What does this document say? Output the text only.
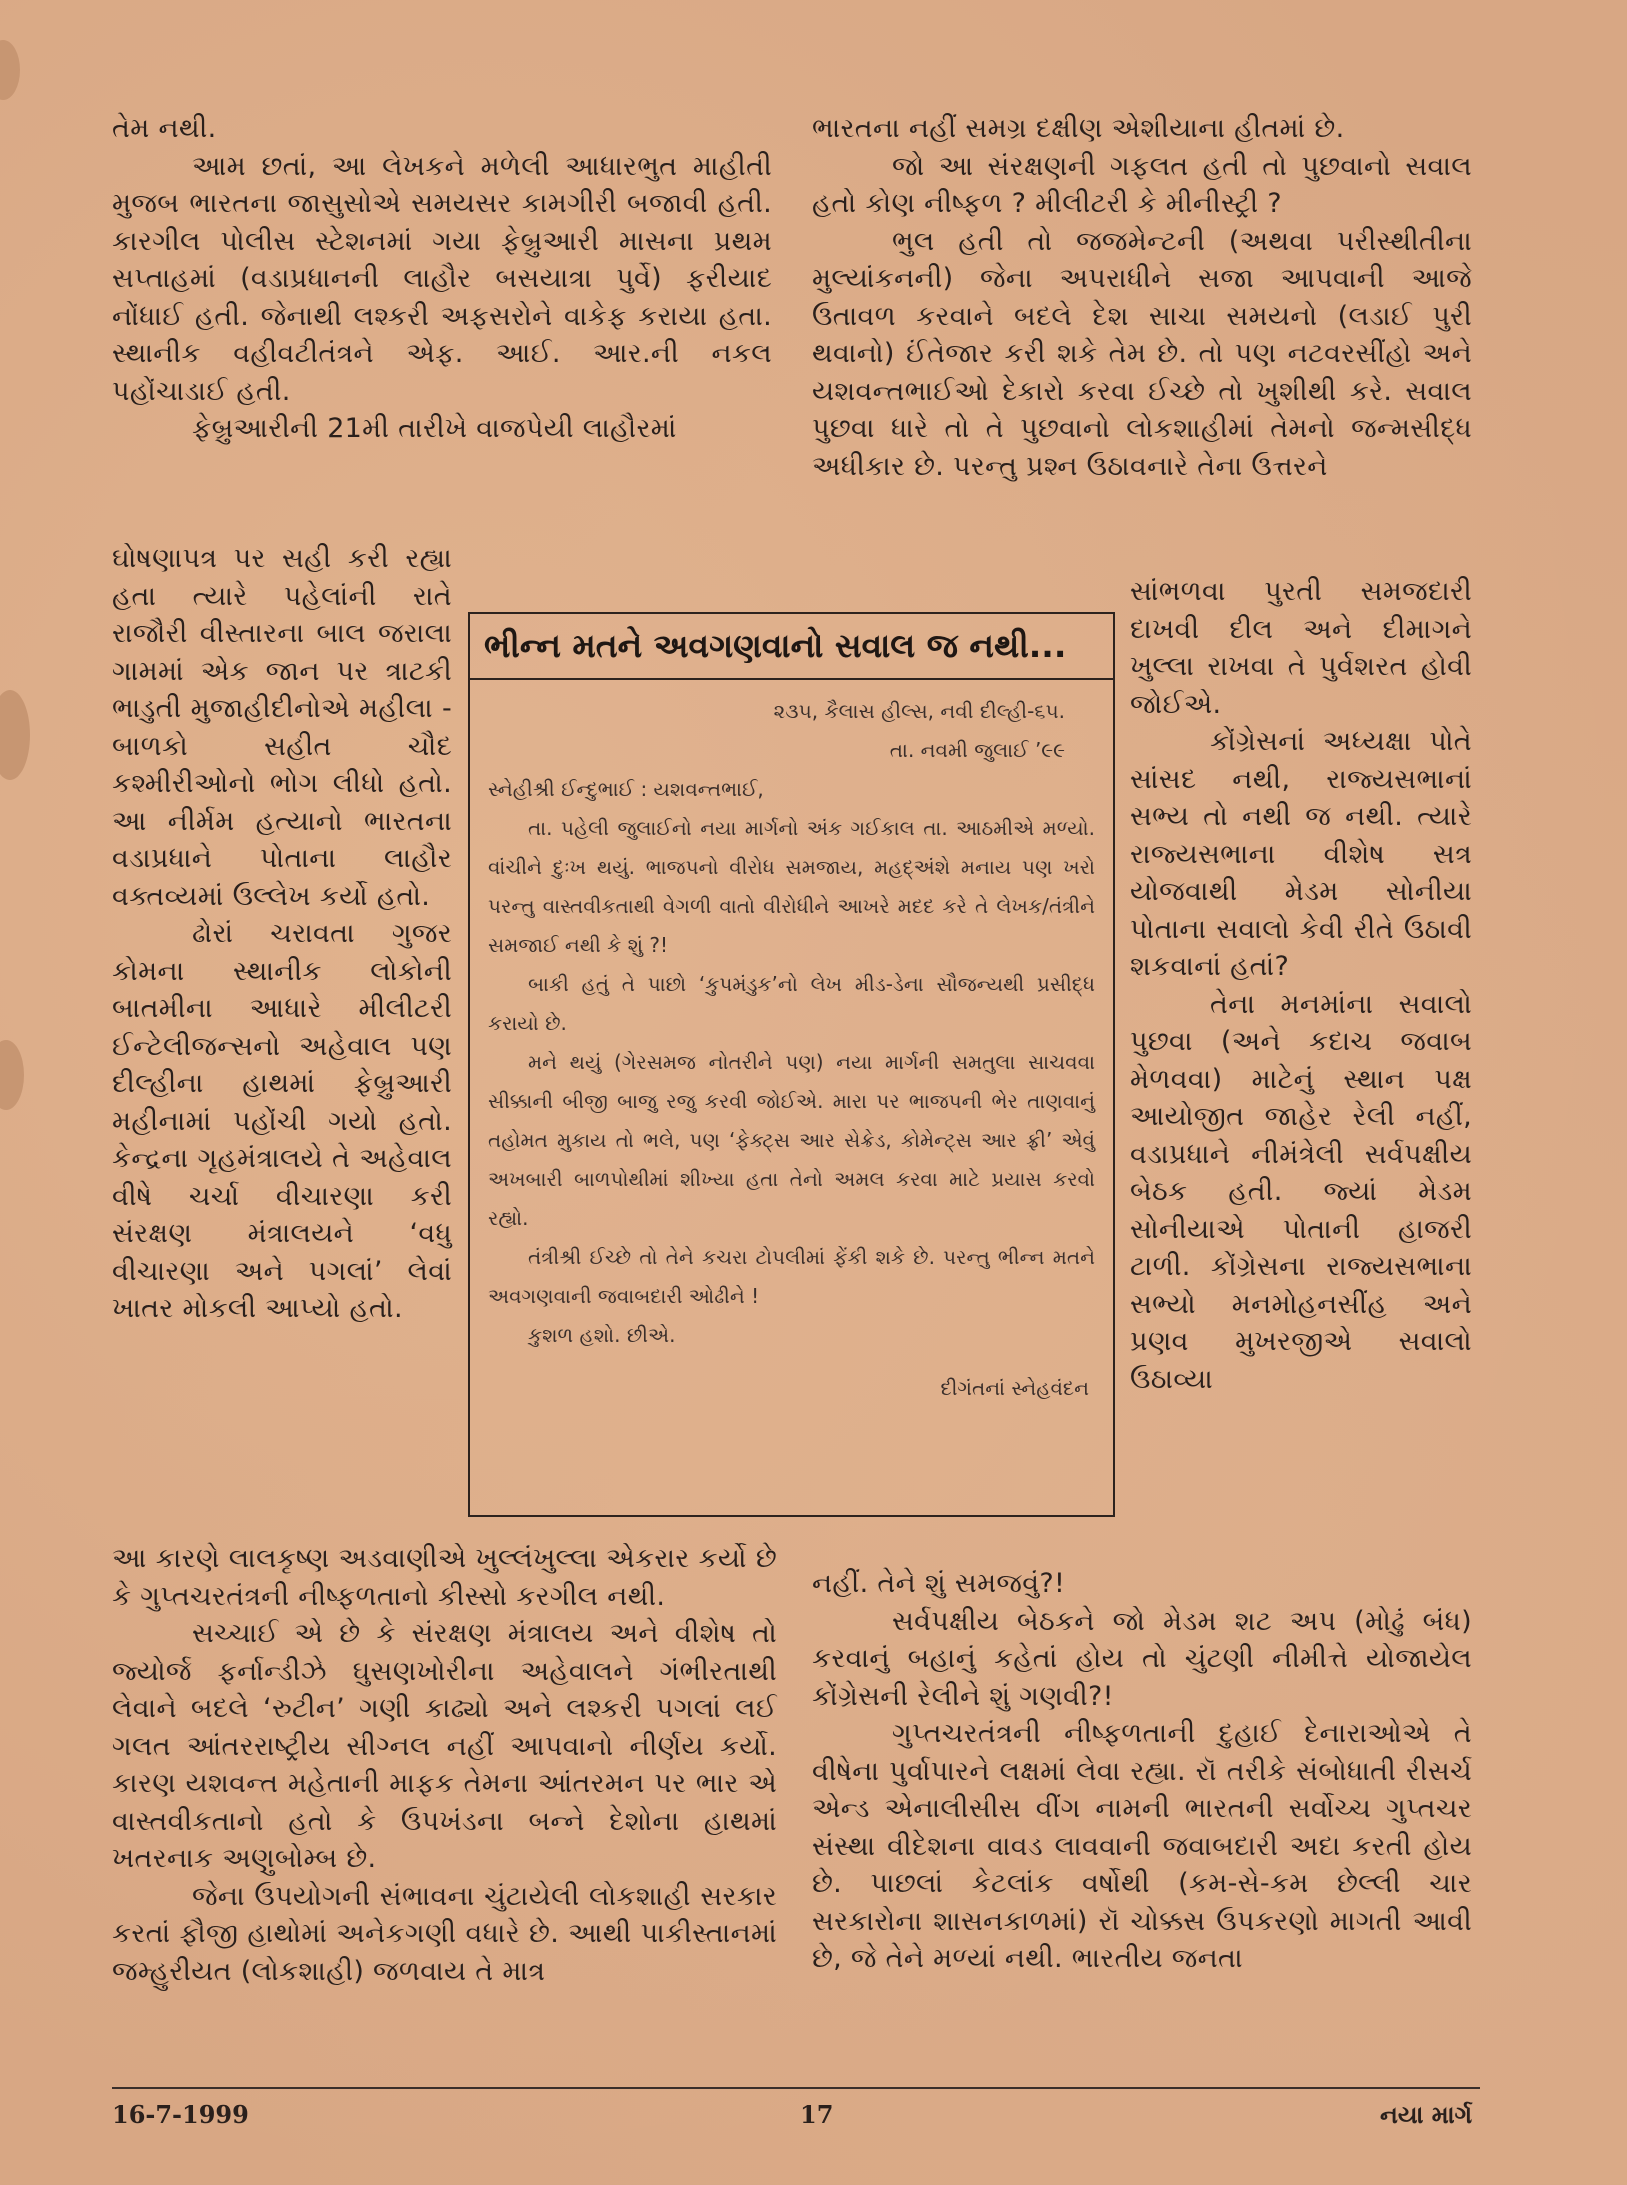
તેમ નથી.

આમ છતાં, આ લેખકને મળેલી આધારભુત માહીતી મુજબ ભારતના જાસુસોએ સમયસર કામગીરી બજાવી હતી. કારગીલ પોલીસ સ્ટેશનમાં ગયા ફેબ્રુઆરી માસના પ્રથમ સપ્તાહમાં (વડાપ્રધાનની લાહૌર બસયાત્રા પુર્વે) ફરીયાદ નોંધાઈ હતી. જેનાથી લશ્કરી અફસરોને વાકેફ કરાયા હતા. સ્થાનીક વહીવટીતંત્રને એફ. આઈ. આર.ની નકલ પહોંચાડાઈ હતી.

ફેબ્રુઆરીની 21મી તારીખે વાજપેયી લાહૌરમાં

ઘોષણાપત્ર પર સહી કરી રહ્યા હતા ત્યારે પહેલાંની રાતે રાજૌરી વીસ્તારના બાલ જરાલા ગામમાં એક જાન પર ત્રાટકી ભાડુતી મુજાહીદીનોએ મહીલા - બાળકો સહીત ચૌદ કશ્મીરીઓનો ભોગ લીધો હતો. આ નીર્મમ હત્યાનો ભારતના વડાપ્રધાને પોતાના લાહૌર વક્તવ્યમાં ઉલ્લેખ કર્યો હતો.

ઢોરાં ચરાવતા ગુજર કોમના સ્થાનીક લોકોની બાતમીના આધારે મીલીટરી ઈન્ટેલીજન્સનો અહેવાલ પણ દીલ્હીના હાથમાં ફેબ્રુઆરી મહીનામાં પહોંચી ગયો હતો. કેન્દ્રના ગૃહમંત્રાલયે તે અહેવાલ વીષે ચર્ચા વીચારણા કરી સંરક્ષણ મંત્રાલયને ‘વધુ વીચારણા અને પગલાં’ લેવાં ખાતર મોકલી આપ્યો હતો.

આ કારણે લાલકૃષ્ણ અડવાણીએ ખુલ્લંખુલ્લા એકરાર કર્યો છે કે ગુપ્તચરતંત્રની નીષ્ફળતાનો કીસ્સો કરગીલ નથી.

સચ્ચાઈ એ છે કે સંરક્ષણ મંત્રાલય અને વીશેષ તો જ્યોર્જ ફર્નાન્ડીઝે ઘુસણખોરીના અહેવાલને ગંભીરતાથી લેવાને બદલે ‘રુટીન’ ગણી કાઢ્યો અને લશ્કરી પગલાં લઈ ગલત આંતરરાષ્ટ્રીય સીગ્નલ નહીં આપવાનો નીર્ણય કર્યો. કારણ યશવન્ત મહેતાની માફક તેમના આંતરમન પર ભાર એ વાસ્તવીકતાનો હતો કે ઉપખંડના બન્ને દેશોના હાથમાં ખતરનાક અણુબોમ્બ છે.

જેના ઉપયોગની સંભાવના ચુંટાયેલી લોકશાહી સરકાર કરતાં ફૌજી હાથોમાં અનેકગણી વધારે છે. આથી પાકીસ્તાનમાં જમ્હુરીયત (લોકશાહી) જળવાય તે માત્ર

ભારતના નહીં સમગ્ર દક્ષીણ એશીયાના હીતમાં છે.

જો આ સંરક્ષણની ગફલત હતી તો પુછવાનો સવાલ હતો કોણ નીષ્ફળ ? મીલીટરી કે મીનીસ્ટ્રી ?

ભુલ હતી તો જજમેન્ટની (અથવા પરીસ્થીતીના મુલ્યાંકનની) જેના અપરાધીને સજા આપવાની આજે ઉતાવળ કરવાને બદલે દેશ સાચા સમયનો (લડાઈ પુરી થવાનો) ઈંતેજાર કરી શકે તેમ છે. તો પણ નટવરસીંહો અને યશવન્તભાઈઓ દેકારો કરવા ઈચ્છે તો ખુશીથી કરે. સવાલ પુછવા ધારે તો તે પુછવાનો લોકશાહીમાં તેમનો જન્મસીદ્ધ અધીકાર છે. પરન્તુ પ્રશ્ન ઉઠાવનારે તેના ઉત્તરને

સાંભળવા પુરતી સમજદારી દાખવી દીલ અને દીમાગને ખુલ્લા રાખવા તે પુર્વશરત હોવી જોઈએ.

કોંગ્રેસનાં અધ્યક્ષા પોતે સાંસદ નથી, રાજ્યસભાનાં સભ્ય તો નથી જ નથી. ત્યારે રાજ્યસભાના વીશેષ સત્ર યોજવાથી મેડમ સોનીયા પોતાના સવાલો કેવી રીતે ઉઠાવી શકવાનાં હતાં?

તેના મનમાંના સવાલો પુછવા (અને કદાચ જવાબ મેળવવા) માટેનું સ્થાન પક્ષ આયોજીત જાહેર રેલી નહીં, વડાપ્રધાને નીમંત્રેલી સર્વપક્ષીય બેઠક હતી. જ્યાં મેડમ સોનીયાએ પોતાની હાજરી ટાળી. કોંગ્રેસના રાજ્યસભાના સભ્યો મનમોહનસીંહ અને પ્રણવ મુખરજીએ સવાલો ઉઠાવ્યા

નહીં. તેને શું સમજવું?!

સર્વપક્ષીય બેઠકને જો મેડમ શટ અપ (મોઢું બંધ) કરવાનું બહાનું કહેતાં હોય તો ચુંટણી નીમીત્તે યોજાયેલ કોંગ્રેસની રેલીને શું ગણવી?!

ગુપ્તચરતંત્રની નીષ્ફળતાની દુહાઈ દેનારાઓએ તે વીષેના પુર્વાપારને લક્ષમાં લેવા રહ્યા. રૉ તરીકે સંબોધાતી રીસર્ચ એન્ડ એનાલીસીસ વીંગ નામની ભારતની સર્વોચ્ચ ગુપ્તચર સંસ્થા વીદેશના વાવડ લાવવાની જવાબદારી અદા કરતી હોય છે. પાછલાં કેટલાંક વર્ષોથી (કમ-સે-કમ છેલ્લી ચાર સરકારોના શાસનકાળમાં) રૉ ચોક્કસ ઉપકરણો માગતી આવી છે, જે તેને મળ્યાં નથી. ભારતીય જનતા

ભીન્ન મતને અવગણવાનો સવાલ જ નથી...

૨૩૫, કૈલાસ હીલ્સ, નવી દીલ્હી-૬૫.

તા. નવમી જુલાઈ ’૯૯

સ્નેહીશ્રી ઈન્દુભાઈ : યશવન્તભાઈ,

તા. પહેલી જુલાઈનો નયા માર્ગનો અંક ગઈકાલ તા. આઠમીએ મળ્યો. વાંચીને દુઃખ થયું. ભાજપનો વીરોધ સમજાય, મહદ્અંશે મનાય પણ ખરો પરન્તુ વાસ્તવીકતાથી વેગળી વાતો વીરોધીને આખરે મદદ કરે તે લેખક/તંત્રીને સમજાઈ નથી કે શું ?!

બાકી હતું તે પાછો ‘કુપમંડુક’નો લેખ મીડ-ડેના સૌજન્યથી પ્રસીદ્ધ કરાયો છે.

મને થયું (ગેરસમજ નોતરીને પણ) નયા માર્ગની સમતુલા સાચવવા સીક્કાની બીજી બાજુ રજુ કરવી જોઈએ. મારા પર ભાજપની ભેર તાણવાનું તહોમત મુકાય તો ભલે, પણ ‘ફેક્ટ્સ આર સેક્રેડ, કોમેન્ટ્સ આર ફ્રી’ એવું અખબારી બાળપોથીમાં શીખ્યા હતા તેનો અમલ કરવા માટે પ્રયાસ કરવો રહ્યો.

તંત્રીશ્રી ઈચ્છે તો તેને કચરા ટોપલીમાં ફેંકી શકે છે. પરન્તુ ભીન્ન મતને અવગણવાની જવાબદારી ઓઢીને !

કુશળ હશો. છીએ.

દીગંતનાં સ્નેહવંદન

16-7-1999	17	નયા માર્ગ
